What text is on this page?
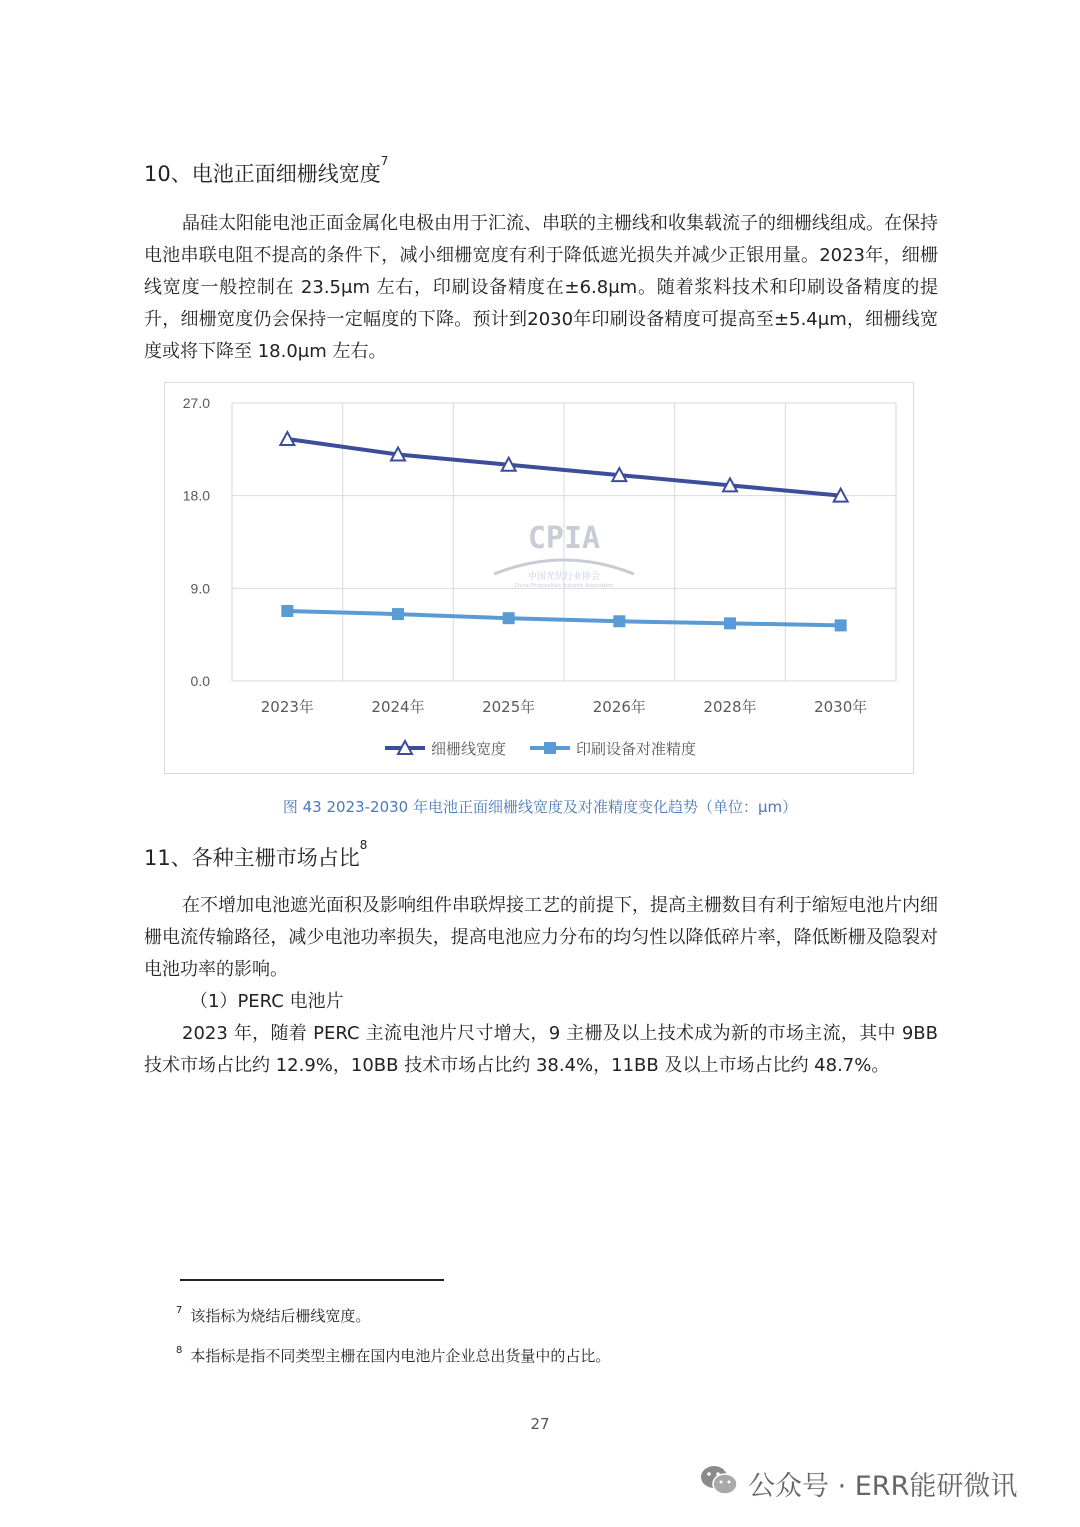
10、电池正面细栅线宽度$^7$

晶硅太阳能电池正面金属化电极由用于汇流、串联的主栅线和收集载流子的细栅线组成。在保持电池串联电阻不提高的条件下，减小细栅宽度有利于降低遮光损失并减少正银用量。2023年，细栅线宽度一般控制在 23.5μm 左右，印刷设备精度在±6.8μm。随着浆料技术和印刷设备精度的提升，细栅宽度仍会保持一定幅度的下降。预计到2030年印刷设备精度可提高至±5.4μm，细栅线宽度或将下降至 18.0μm 左右。

0.0
9.0
18.0
27.0
2023年	2024年	2025年	2026年	2028年	2030年
CPIA
中国光伏行业协会
China Photovoltaic Industry Association
细栅线宽度	印刷设备对准精度
图 43 2023-2030 年电池正面细栅线宽度及对准精度变化趋势（单位：μm）
11、各种主栅市场占比$^8$

在不增加电池遮光面积及影响组件串联焊接工艺的前提下，提高主栅数目有利于缩短电池片内细栅电流传输路径，减少电池功率损失，提高电池应力分布的均匀性以降低碎片率，降低断栅及隐裂对电池功率的影响。

（1）PERC 电池片

2023 年，随着 PERC 主流电池片尺寸增大，9 主栅及以上技术成为新的市场主流，其中 9BB技术市场占比约 12.9%，10BB 技术市场占比约 38.4%，11BB 及以上市场占比约 48.7%。

$^7$ 该指标为烧结后栅线宽度。
$^8$ 本指标是指不同类型主栅在国内电池片企业总出货量中的占比。
27
公众号 · ERR能研微讯
